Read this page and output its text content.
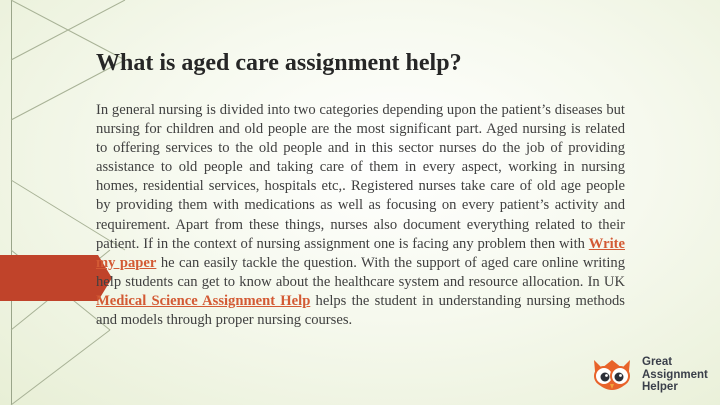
What is aged care assignment help?

In general nursing is divided into two categories depending upon the patient’s diseases but nursing for children and old people are the most significant part. Aged nursing is related to offering services to the old people and in this sector nurses do the job of providing assistance to old people and taking care of them in every aspect, working in nursing homes, residential services, hospitals etc,. Registered nurses take care of old age people by providing them with medications as well as focusing on every patient’s activity and requirement. Apart from these things, nurses also document everything related to their patient. If in the context of nursing assignment one is facing any problem then with Write my paper he can easily tackle the question. With the support of aged care online writing help students can get to know about the healthcare system and resource allocation. In UK Medical Science Assignment Help helps the student in understanding nursing methods and models through proper nursing courses.

Great
Assignment
Helper
